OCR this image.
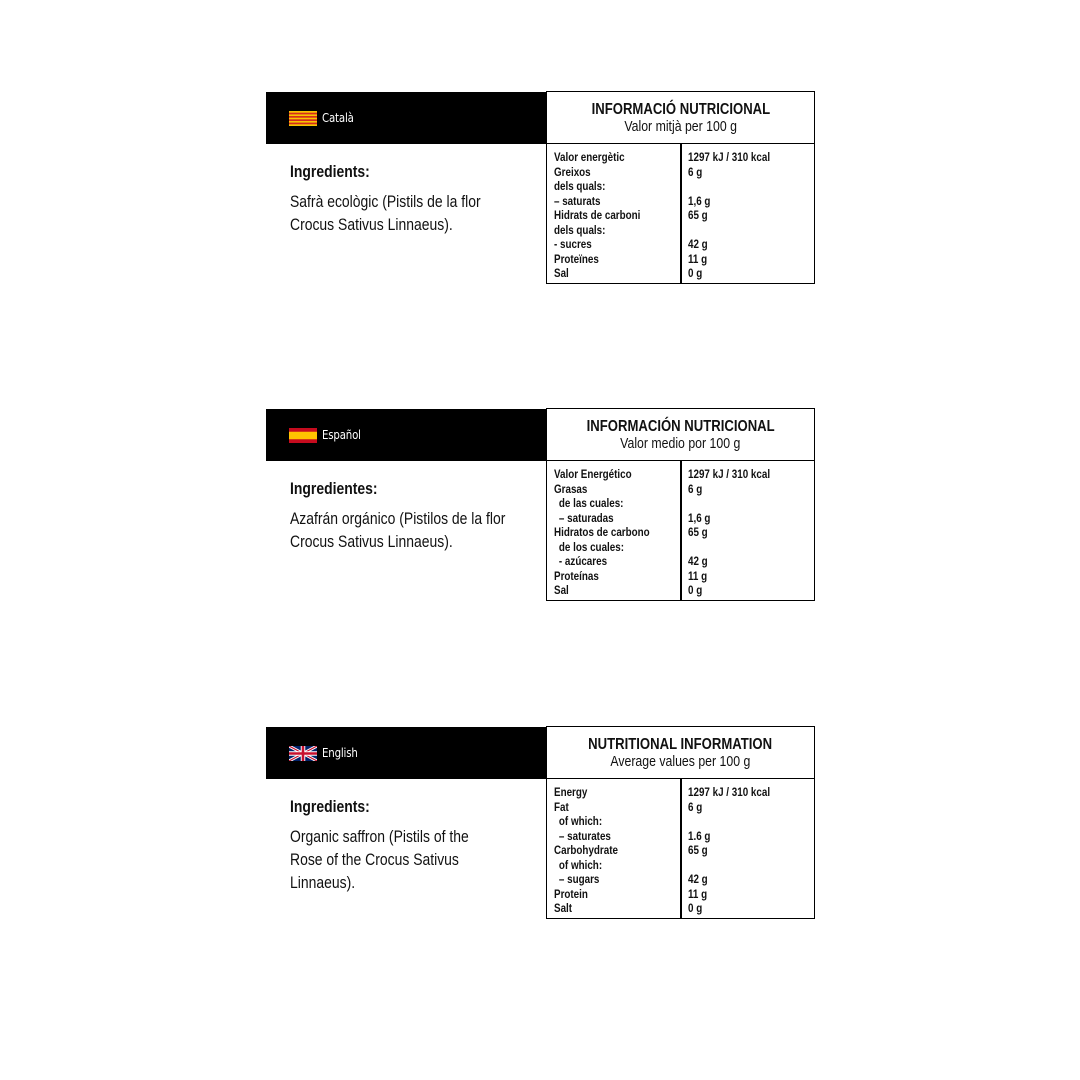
Català
Ingredients:
Safrà ecològic (Pistils de la flor Crocus Sativus Linnaeus).
INFORMACIÓ NUTRICIONAL
Valor mitjà per 100 g
Valor energètic
Greixos
dels quals:
– saturats
Hidrats de carboni
dels quals:
- sucres
Proteïnes
Sal
1297 kJ / 310 kcal
6 g
1,6 g
65 g
42 g
11 g
0 g
Español
Ingredientes:
Azafrán orgánico (Pistilos de la flor Crocus Sativus Linnaeus).
INFORMACIÓN NUTRICIONAL
Valor medio por 100 g
Valor Energético
Grasas
de las cuales:
– saturadas
Hidratos de carbono
de los cuales:
- azúcares
Proteínas
Sal
1297 kJ / 310 kcal
6 g
1,6 g
65 g
42 g
11 g
0 g
English
Ingredients:
Organic saffron (Pistils of the Rose of the Crocus Sativus Linnaeus).
NUTRITIONAL INFORMATION
Average values per 100 g
Energy
Fat
of which:
– saturates
Carbohydrate
of which:
– sugars
Protein
Salt
1297 kJ / 310 kcal
6 g
1.6 g
65 g
42 g
11 g
0 g
